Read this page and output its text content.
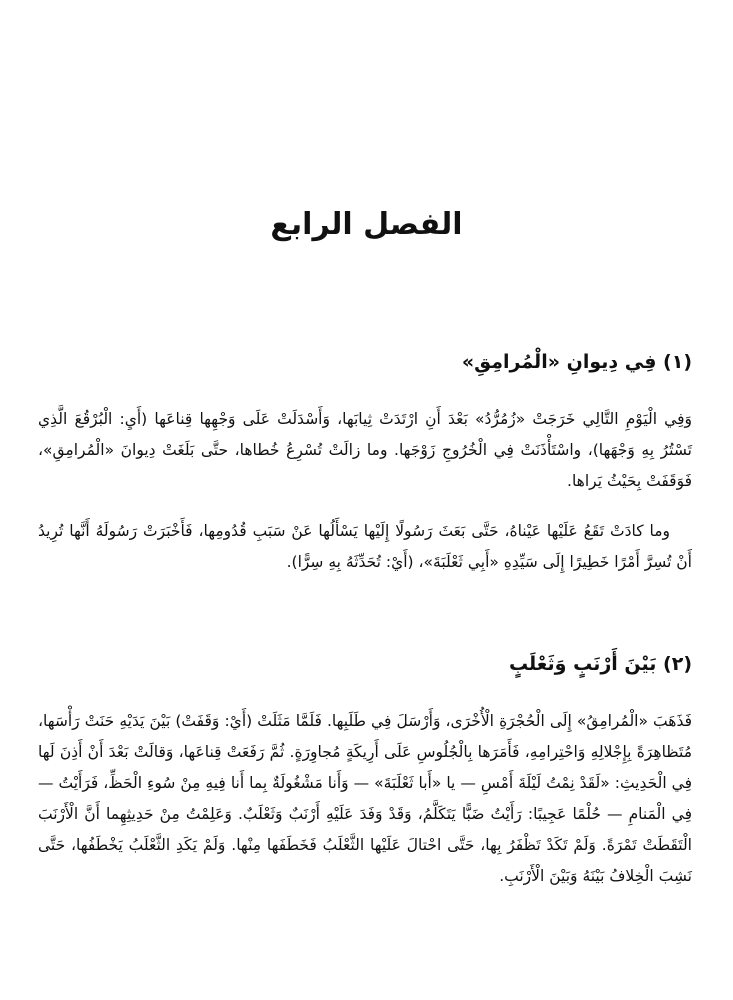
الفصل الرابع
(١) فِي دِيوانِ «الْمُرامِقِ»

وَفِي الْيَوْمِ التَّالِي خَرَجَتْ «زُمُرُّدُ» بَعْدَ أَنِ ارْتَدَتْ ثِيابَها، وَأَسْدَلَتْ عَلَى وَجْهِها قِناعَها (أَيِ: الْبُرْقُعَ الَّذِي تَسْتُرُ بِهِ وَجْهَها)، واسْتَأْذَنَتْ فِي الْخُرُوجِ زَوْجَها. وما زالَتْ تُسْرِعُ خُطاها، حتَّى بَلَغَتْ دِيوانَ «الْمُرامِقِ»، فَوَقَفَتْ بِحَيْثُ يَراها.

وما كادَتْ تَقَعُ عَلَيْها عَيْناهُ، حَتَّى بَعَثَ رَسُولًا إِلَيْها يَسْأَلُها عَنْ سَبَبِ قُدُومِها، فَأَخْبَرَتْ رَسُولَهُ أَنَّها تُرِيدُ أَنْ تُسِرَّ أَمْرًا خَطِيرًا إِلَى سَيِّدِهِ «أَبِي ثَعْلَبَةَ»، (أَيْ: تُحَدِّثَهُ بِهِ سِرًّا).

(٢) بَيْنَ أَرْنَبٍ وَثَعْلَبٍ

فَذَهَبَ «الْمُرامِقُ» إِلَى الْحُجْرَةِ الْأُخْرَى، وَأَرْسَلَ فِي طَلَبِها. فَلَمَّا مَثَلَتْ (أَيْ: وَقَفَتْ) بَيْنَ يَدَيْهِ حَنَتْ رَأْسَها، مُتَظاهِرَةً بِإِجْلالِهِ وَاحْتِرامِهِ، فَأَمَرَها بِالْجُلُوسِ عَلَى أَرِيكَةٍ مُجاوِرَةٍ. ثُمَّ رَفَعَتْ قِناعَها، وَقالَتْ بَعْدَ أَنْ أَذِنَ لَها فِي الْحَدِيثِ: «لَقَدْ نِمْتُ لَيْلَةَ أَمْسِ — يا «أَبا ثَعْلَبَةَ» — وَأَنا مَشْغُولَةٌ بِما أَنا فِيهِ مِنْ سُوءِ الْحَظِّ، فَرَأَيْتُ — فِي الْمَنامِ — حُلْمًا عَجِيبًا: رَأَيْتُ ضَبًّا يَتَكَلَّمُ، وَقَدْ وَفَدَ عَلَيْهِ أَرْنَبٌ وَثَعْلَبٌ. وَعَلِمْتُ مِنْ حَدِيثِهِما أَنَّ الْأَرْنَبَ الْتَقَطَتْ تَمْرَةً. وَلَمْ تَكَدْ تَظْفَرُ بِها، حَتَّى احْتالَ عَلَيْها الثَّعْلَبُ فَخَطَفَها مِنْها. وَلَمْ يَكَدِ الثَّعْلَبُ يَخْطَفُها، حَتَّى نَشِبَ الْخِلافُ بَيْنَهُ وَبَيْنَ الْأَرْنَبِ.
